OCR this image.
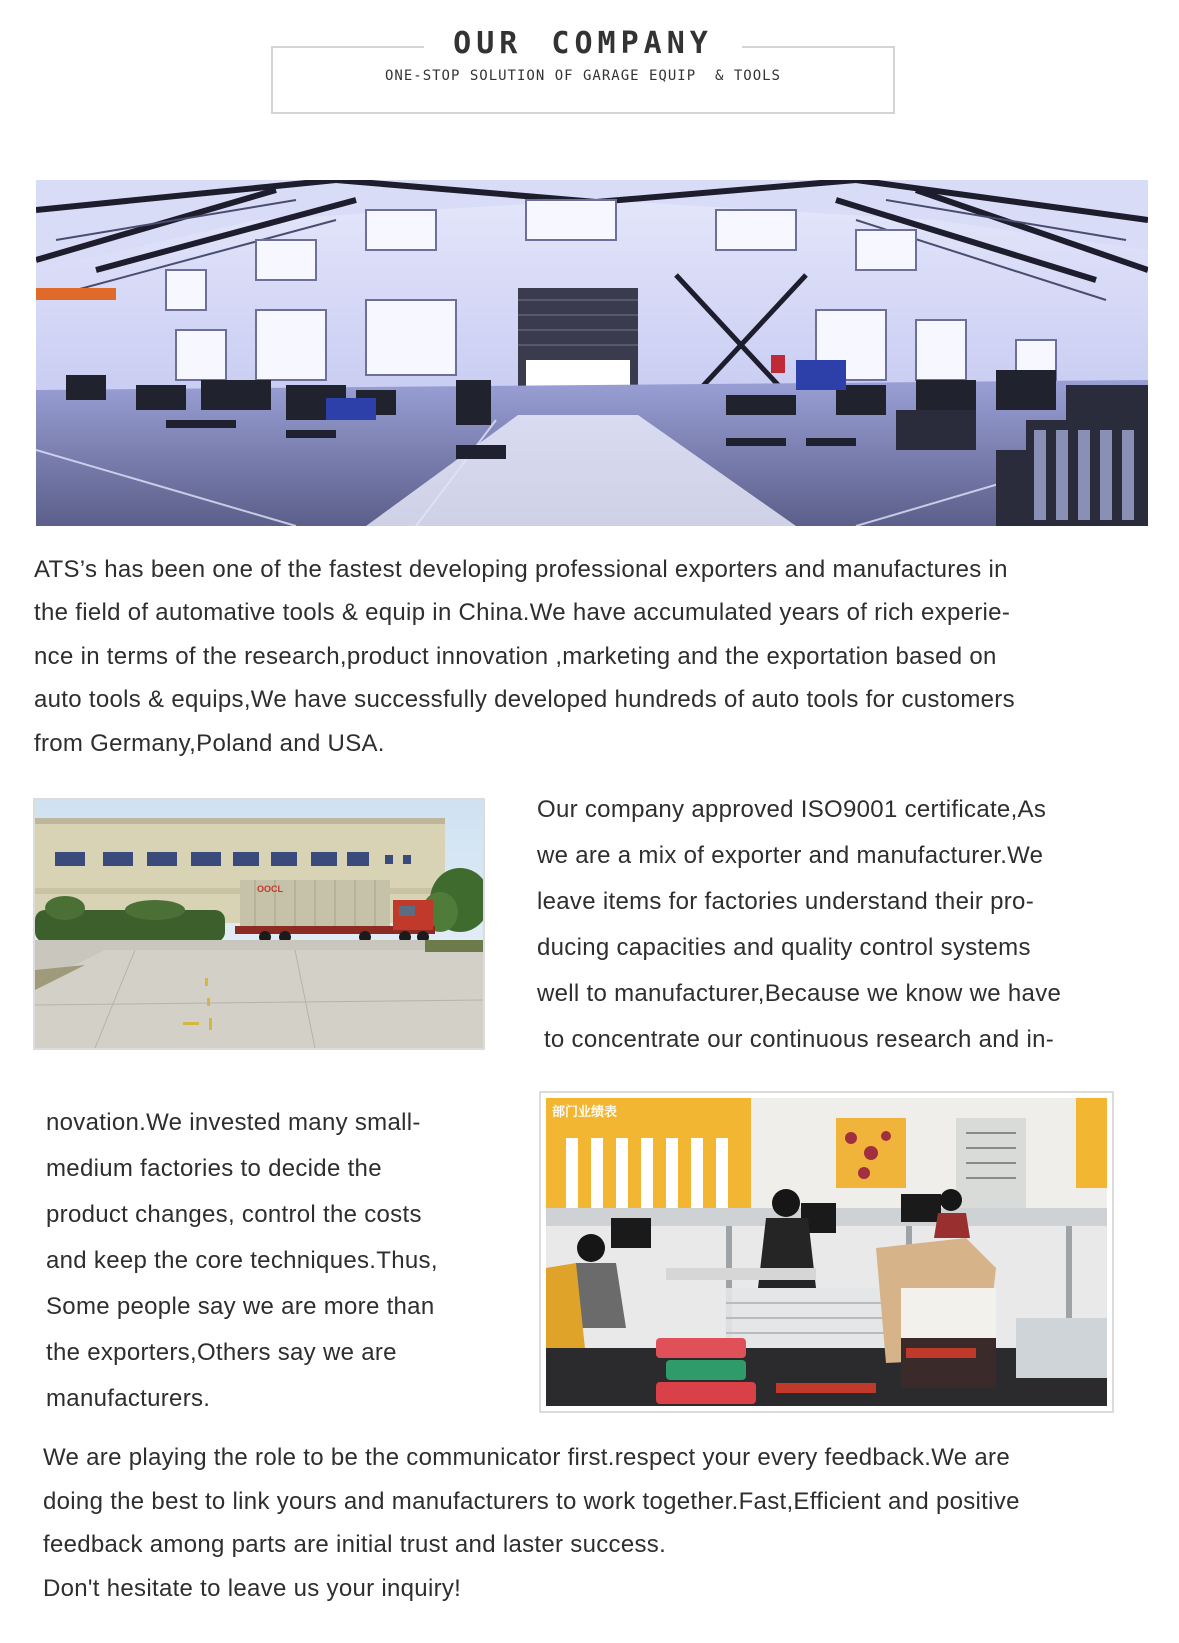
OUR COMPANY
ONE-STOP SOLUTION OF GARAGE EQUIP  & TOOLS
ATS’s has been one of the fastest developing professional exporters and manufactures in
the field of automative tools & equip in China.We have accumulated years of rich experie-
nce in terms of the research,product innovation ,marketing and the exportation based on
auto tools & equips,We have successfully developed hundreds of auto tools for customers
from Germany,Poland and USA.
OOCL
Our company approved ISO9001 certificate,As
we are a mix of exporter and manufacturer.We
leave items for factories understand their pro-
ducing capacities and quality control systems
well to manufacturer,Because we know we have
to concentrate our continuous research and in-
novation.We invested many small-
medium factories to decide the
product changes, control the costs
and keep the core techniques.Thus,
Some people say we are more than
the exporters,Others say we are
manufacturers.
部门业绩表
We are playing the role to be the communicator first.respect your every feedback.We are
doing the best to link yours and manufacturers to work together.Fast,Efficient and positive
feedback among parts are initial trust and laster success.
Don't hesitate to leave us your inquiry!
